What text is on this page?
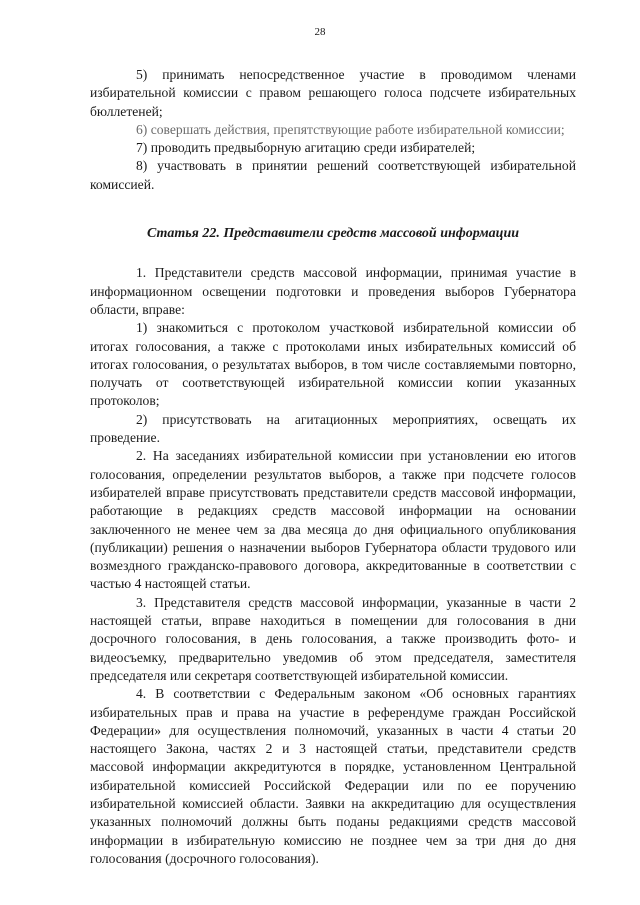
28

5) принимать непосредственное участие в проводимом членами избирательной комиссии с правом решающего голоса подсчете избирательных бюллетеней;

6) совершать действия, препятствующие работе избирательной комиссии;

7) проводить предвыборную агитацию среди избирателей;

8) участвовать в принятии решений соответствующей избирательной комиссией.

Статья 22. Представители средств массовой информации

1. Представители средств массовой информации, принимая участие в информационном освещении подготовки и проведения выборов Губернатора области, вправе:

1) знакомиться с протоколом участковой избирательной комиссии об итогах голосования, а также с протоколами иных избирательных комиссий об итогах голосования, о результатах выборов, в том числе составляемыми повторно, получать от соответствующей избирательной комиссии копии указанных протоколов;

2) присутствовать на агитационных мероприятиях, освещать их проведение.

2. На заседаниях избирательной комиссии при установлении ею итогов голосования, определении результатов выборов, а также при подсчете голосов избирателей вправе присутствовать представители средств массовой информации, работающие в редакциях средств массовой информации на основании заключенного не менее чем за два месяца до дня официального опубликования (публикации) решения о назначении выборов Губернатора области трудового или возмездного гражданско-правового договора, аккредитованные в соответствии с частью 4 настоящей статьи.

3. Представителя средств массовой информации, указанные в части 2 настоящей статьи, вправе находиться в помещении для голосования в дни досрочного голосования, в день голосования, а также производить фото- и видеосъемку, предварительно уведомив об этом председателя, заместителя председателя или секретаря соответствующей избирательной комиссии.

4. В соответствии с Федеральным законом «Об основных гарантиях избирательных прав и права на участие в референдуме граждан Российской Федерации» для осуществления полномочий, указанных в части 4 статьи 20 настоящего Закона, частях 2 и 3 настоящей статьи, представители средств массовой информации аккредитуются в порядке, установленном Центральной избирательной комиссией Российской Федерации или по ее поручению избирательной комиссией области. Заявки на аккредитацию для осуществления указанных полномочий должны быть поданы редакциями средств массовой информации в избирательную комиссию не позднее чем за три дня до дня голосования (досрочного голосования).
